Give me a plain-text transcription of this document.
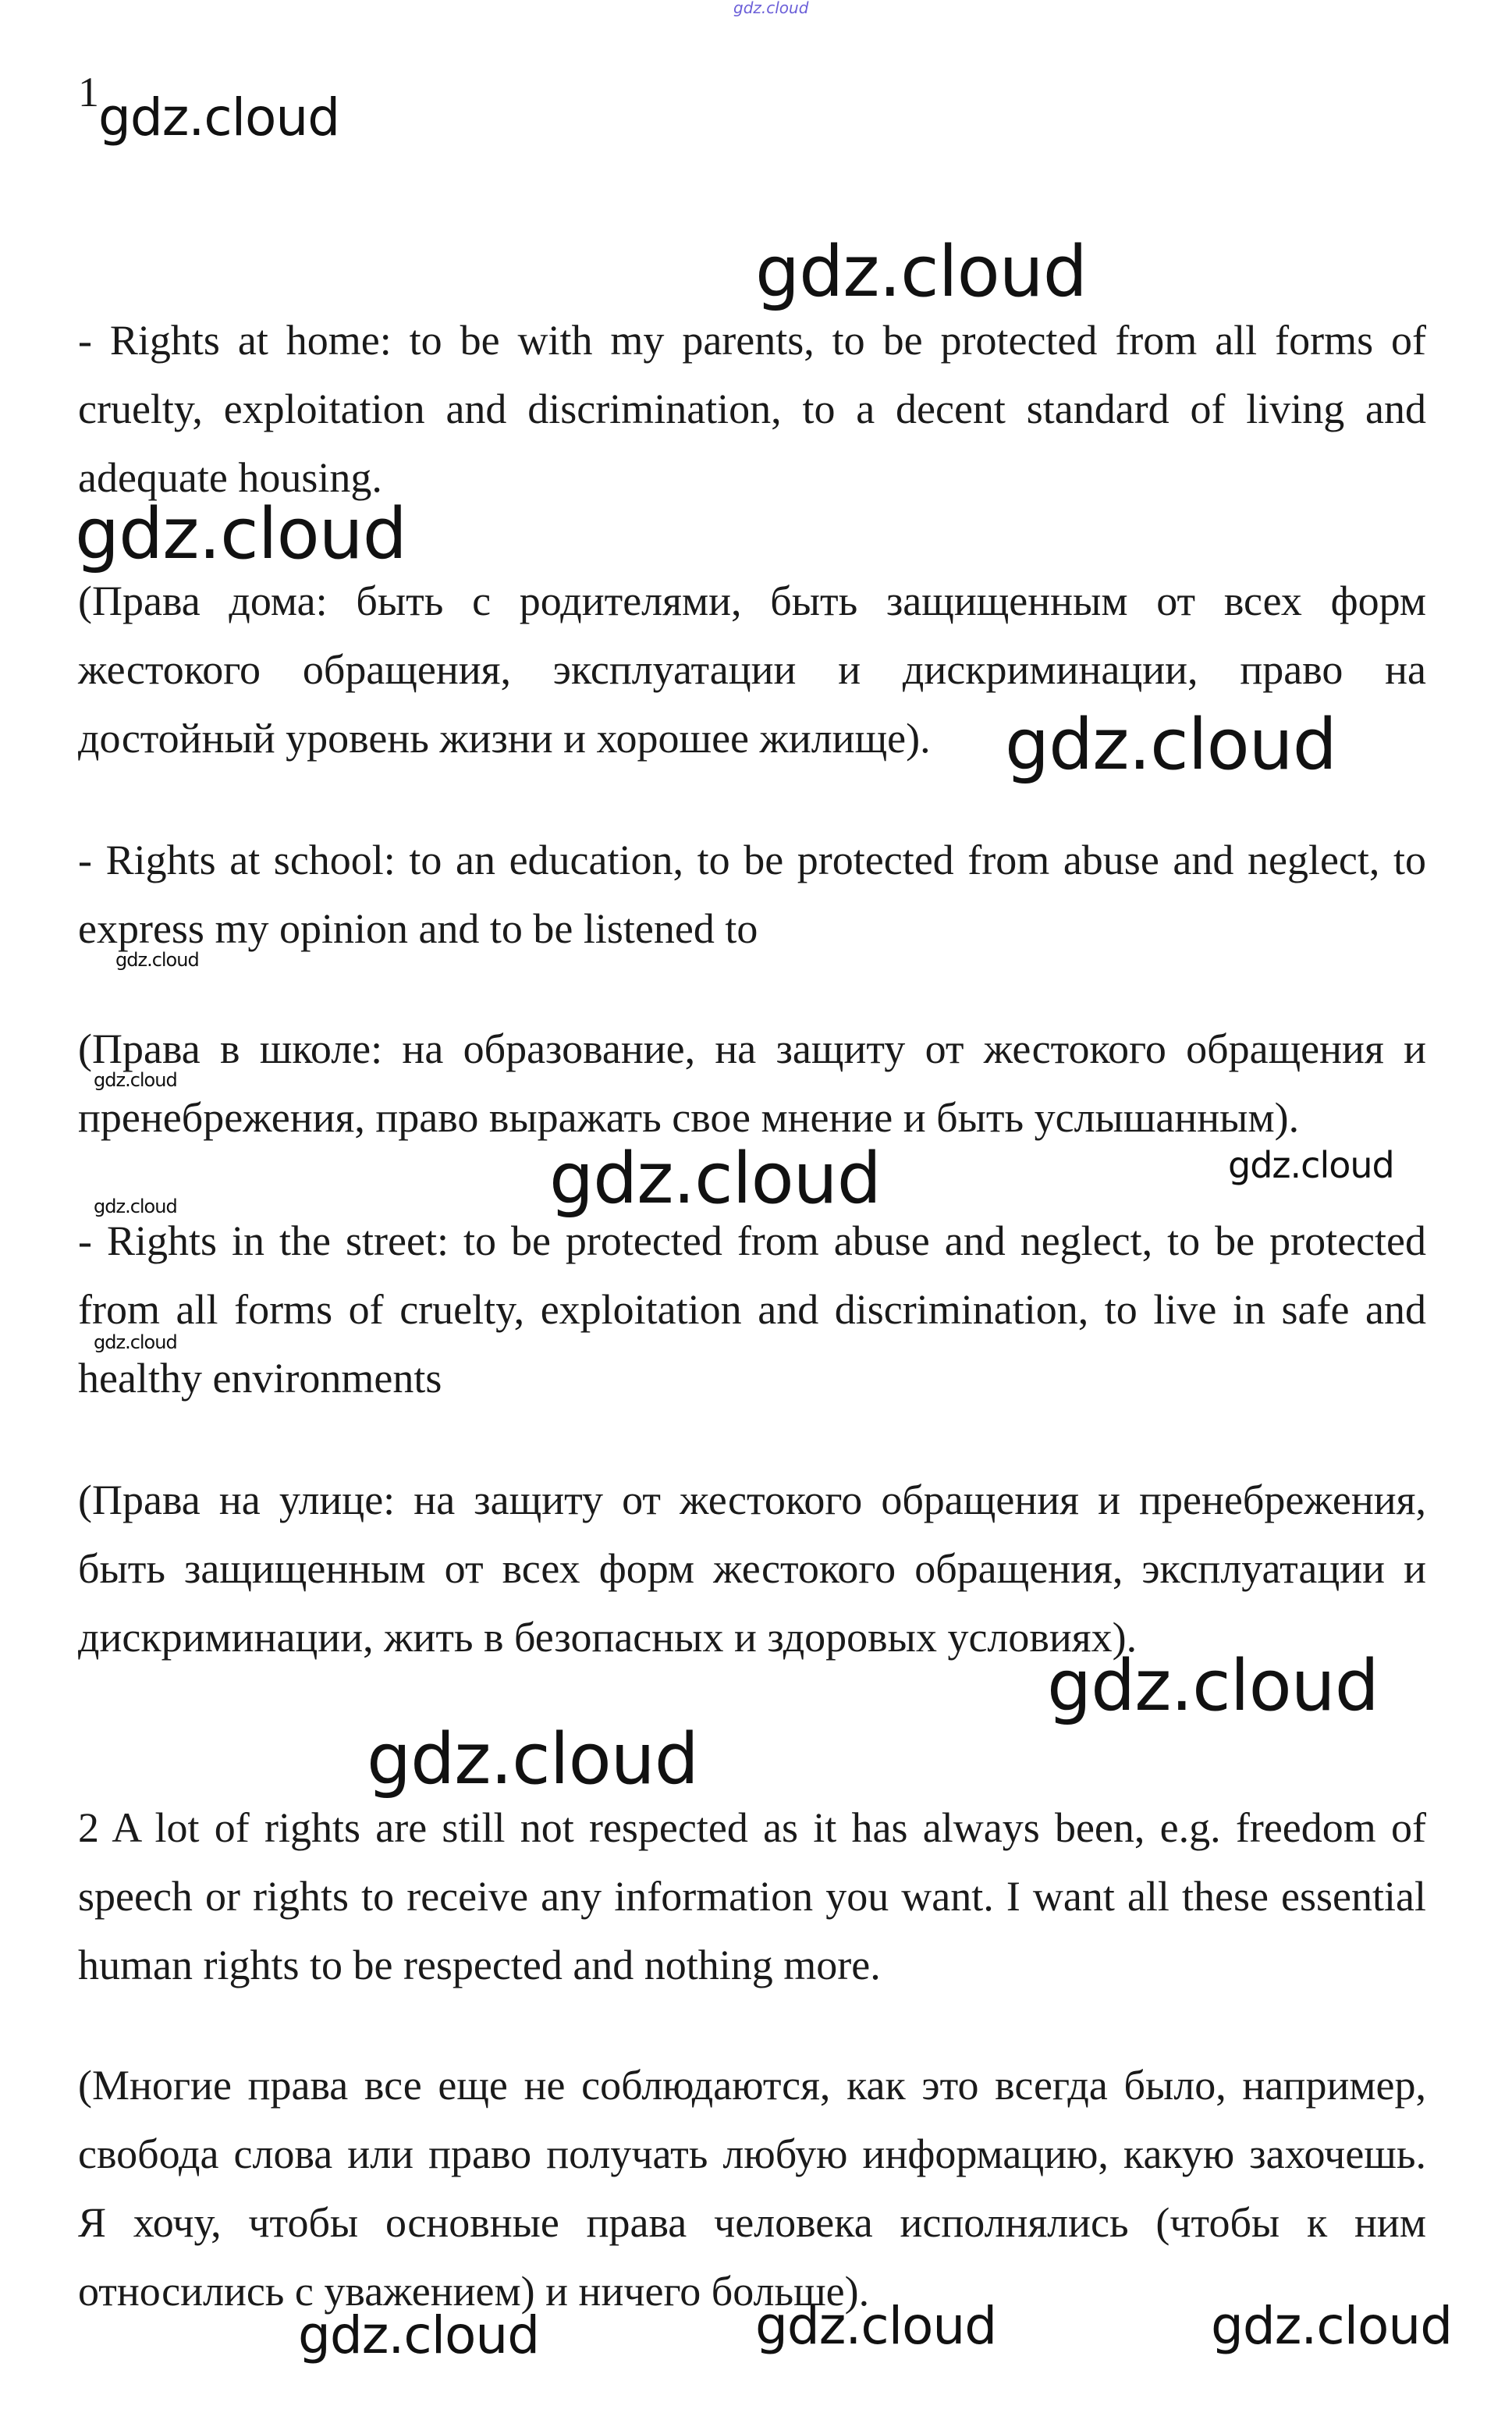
gdz.cloud
1 gdz.cloud
gdz.cloud
gdz.cloud
gdz.cloud
gdz.cloud
gdz.cloud
gdz.cloud	gdz.cloud
gdz.cloud
gdz.cloud
gdz.cloud
gdz.cloud
gdz.cloud	gdz.cloud	gdz.cloud

- Rights at home: to be with my parents, to be protected from all forms of cruelty, exploitation and discrimination, to a decent standard of living and adequate housing.

(Права дома: быть с родителями, быть защищенным от всех форм жестокого обращения, эксплуатации и дискриминации, право на достойный уровень жизни и хорошее жилище).

- Rights at school: to an education, to be protected from abuse and neglect, to express my opinion and to be listened to

(Права в школе: на образование, на защиту от жестокого обращения и пренебрежения, право выражать свое мнение и быть услышанным).

- Rights in the street: to be protected from abuse and neglect, to be protected from all forms of cruelty, exploitation and discrimination, to live in safe and healthy environments

(Права на улице: на защиту от жестокого обращения и пренебрежения, быть защищенным от всех форм жестокого обращения, эксплуатации и дискриминации, жить в безопасных и здоровых условиях).

2 A lot of rights are still not respected as it has always been, e.g. freedom of speech or rights to receive any information you want. I want all these essential human rights to be respected and nothing more.

(Многие права все еще не соблюдаются, как это всегда было, например, свобода слова или право получать любую информацию, какую захочешь. Я хочу, чтобы основные права человека исполнялись (чтобы к ним относились с уважением) и ничего больше).
